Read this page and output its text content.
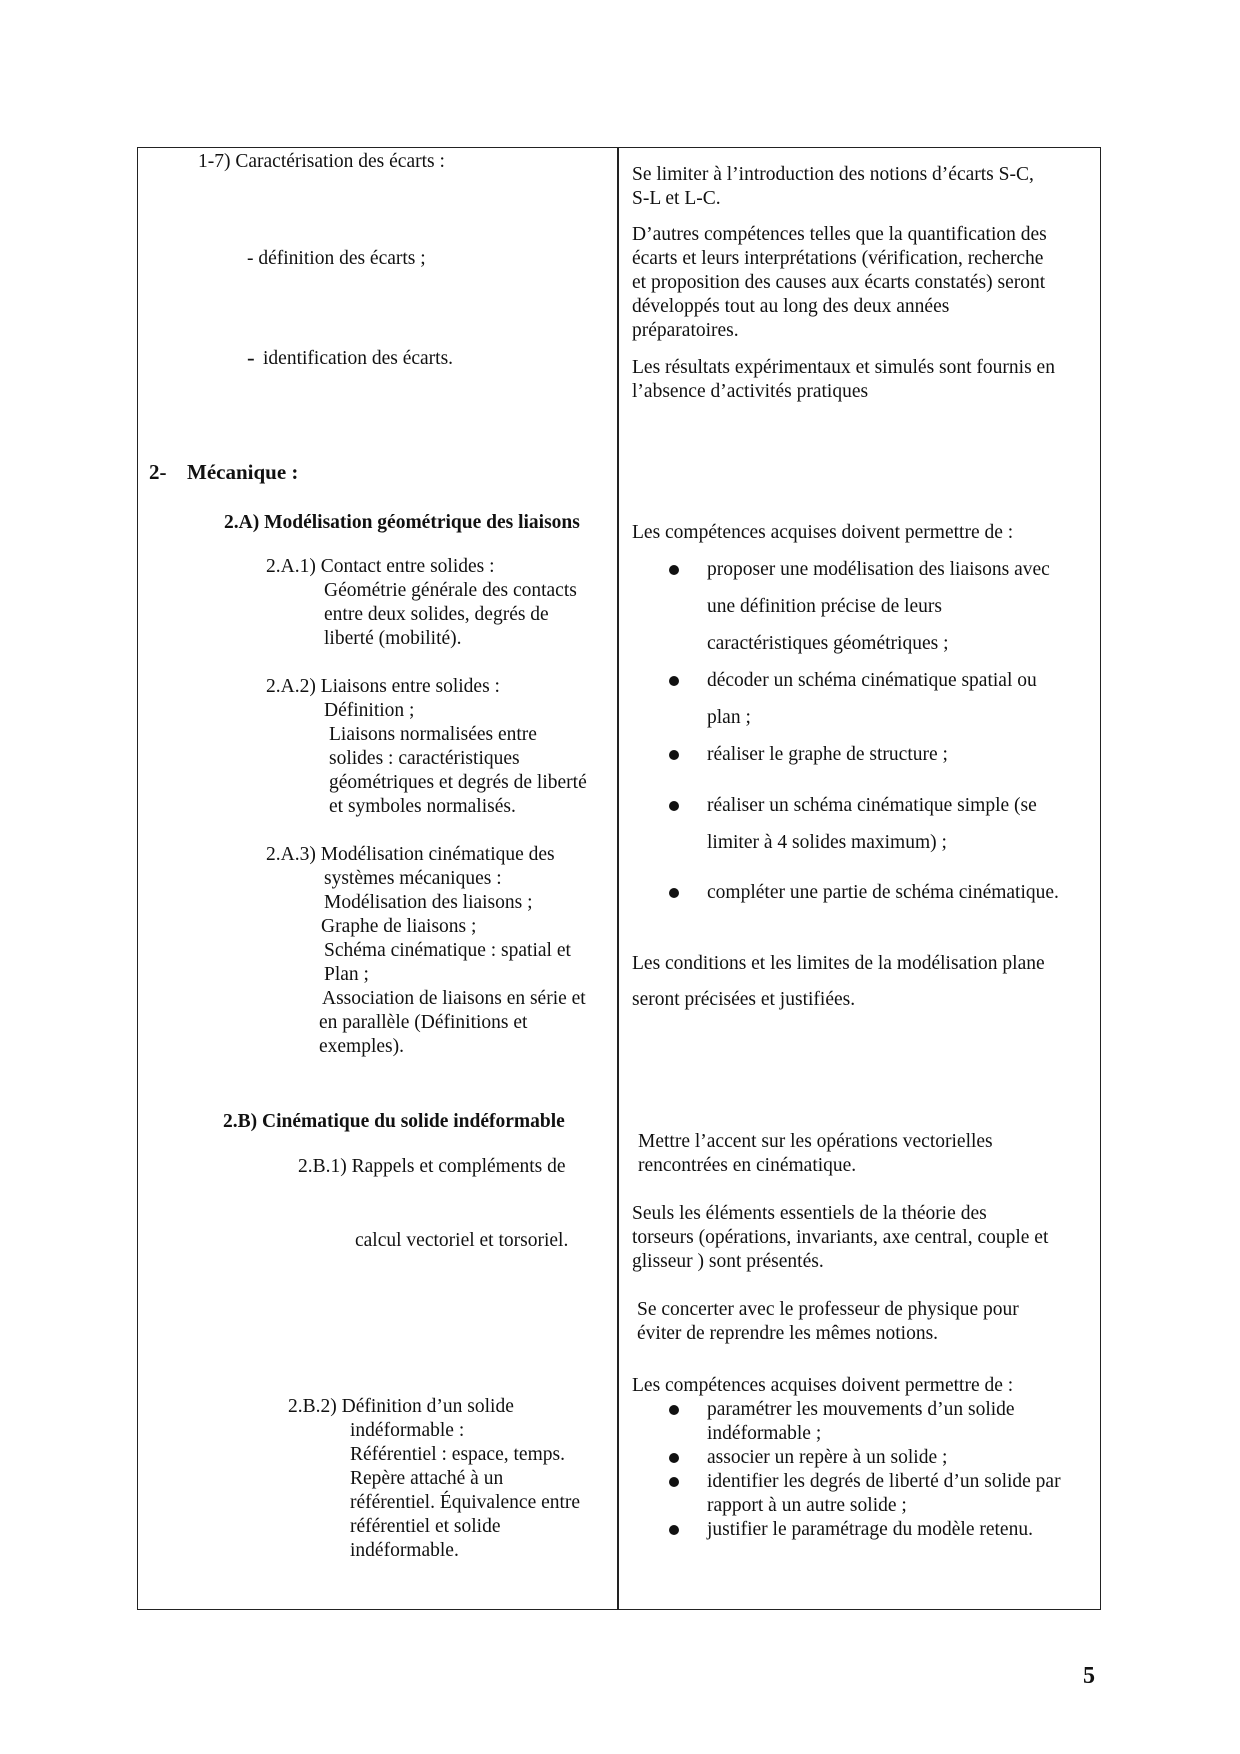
1-7) Caractérisation des écarts :
- définition des écarts ;
- identification des écarts.
2- Mécanique :
2.A) Modélisation géométrique des liaisons
2.A.1) Contact entre solides :
Géométrie générale des contacts
entre deux solides, degrés de
liberté (mobilité).
2.A.2) Liaisons entre solides :
Définition ;
Liaisons normalisées entre
solides : caractéristiques
géométriques et degrés de liberté
et symboles normalisés.
2.A.3) Modélisation cinématique des
systèmes mécaniques :
Modélisation des liaisons ;
Graphe de liaisons ;
Schéma cinématique : spatial et
Plan ;
Association de liaisons en série et
en parallèle (Définitions et
exemples).
2.B) Cinématique du solide indéformable
2.B.1) Rappels et compléments de
calcul vectoriel et torsoriel.
2.B.2) Définition d’un solide
indéformable :
Référentiel : espace, temps.
Repère attaché à un
référentiel. Équivalence entre
référentiel et solide
indéformable.
Se limiter à l’introduction des notions d’écarts S-C,
S-L et L-C.
D’autres compétences telles que la quantification des
écarts et leurs interprétations (vérification, recherche
et proposition des causes aux écarts constatés) seront
développés tout au long des deux années
préparatoires.
Les résultats expérimentaux et simulés sont fournis en
l’absence d’activités pratiques
Les compétences acquises doivent permettre de :
proposer une modélisation des liaisons avec
une définition précise de leurs
caractéristiques géométriques ;
décoder un schéma cinématique spatial ou
plan ;
réaliser le graphe de structure ;
réaliser un schéma cinématique simple (se
limiter à 4 solides maximum) ;
compléter une partie de schéma cinématique.
Les conditions et les limites de la modélisation plane
seront précisées et justifiées.
Mettre l’accent sur les opérations vectorielles
rencontrées en cinématique.
Seuls les éléments essentiels de la théorie des
torseurs (opérations, invariants, axe central, couple et
glisseur ) sont présentés.
Se concerter avec le professeur de physique pour
éviter de reprendre les mêmes notions.
Les compétences acquises doivent permettre de :
paramétrer les mouvements d’un solide
indéformable ;
associer un repère à un solide ;
identifier les degrés de liberté d’un solide par
rapport à un autre solide ;
justifier le paramétrage du modèle retenu.
5
